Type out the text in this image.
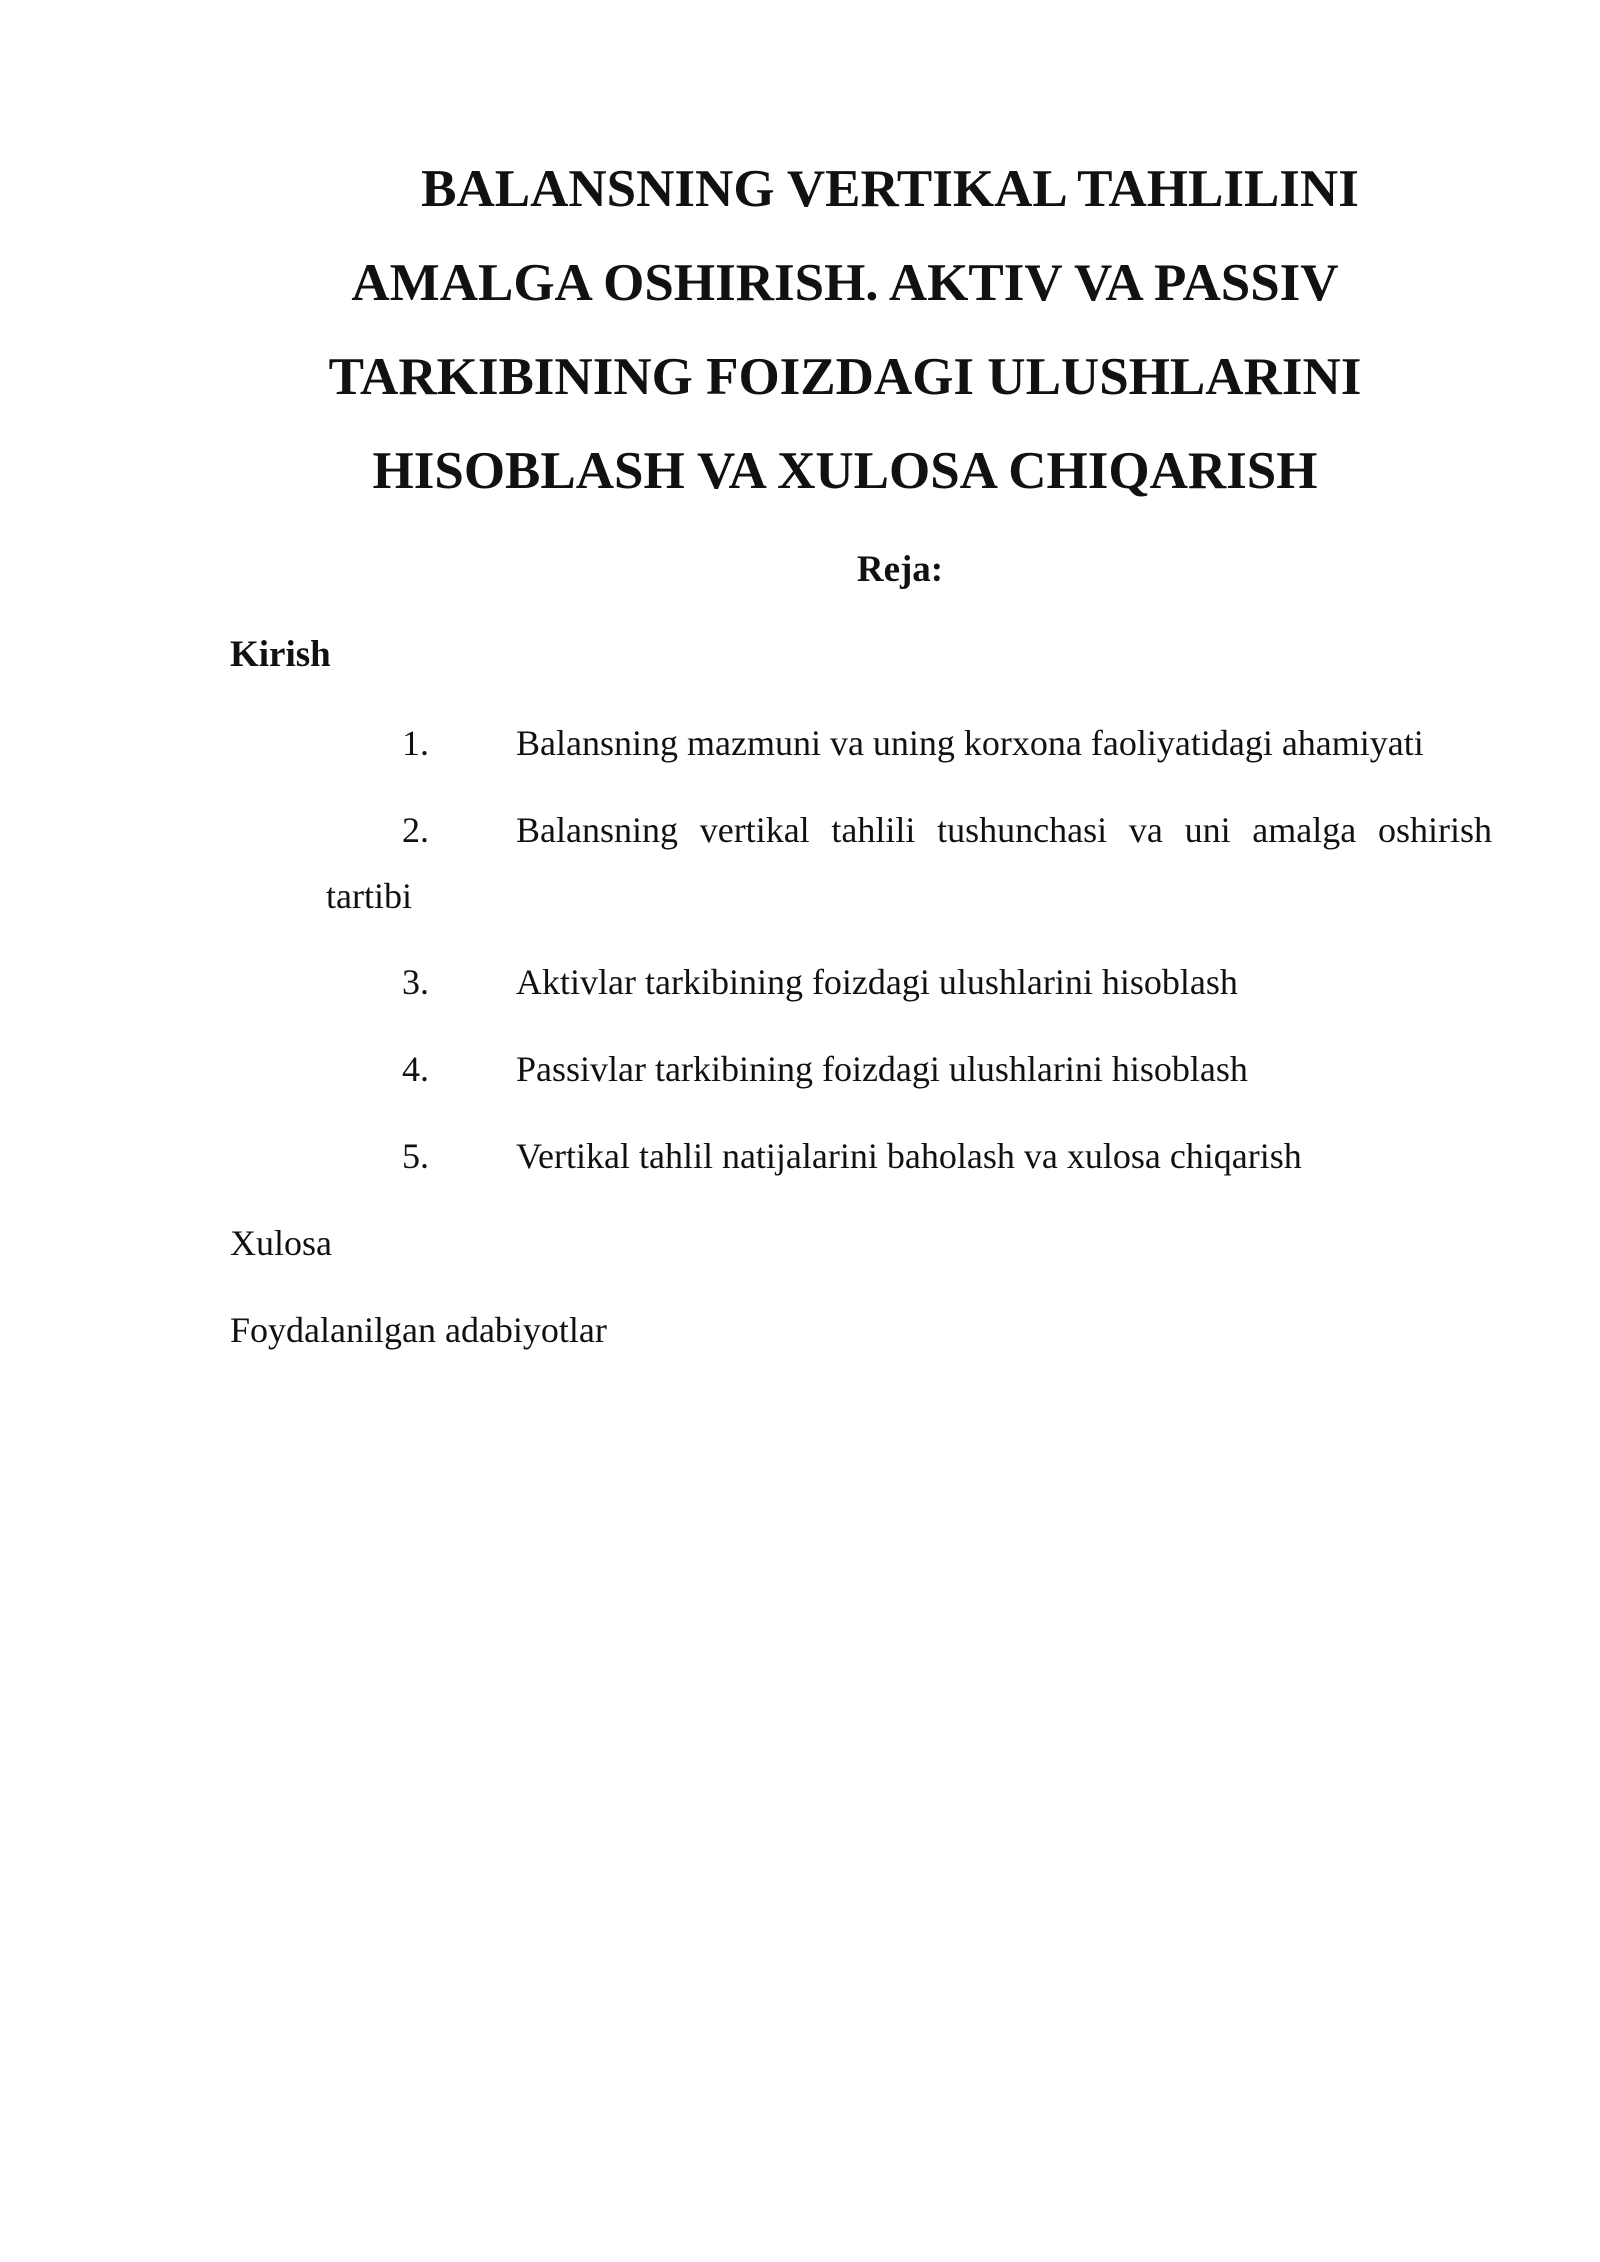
BALANSNING VERTIKAL TAHLILINI
AMALGA OSHIRISH. AKTIV VA PASSIV
TARKIBINING FOIZDAGI ULUSHLARINI
HISOBLASH VA XULOSA CHIQARISH
Reja:
Kirish
1. Balansning mazmuni va uning korxona faoliyatidagi ahamiyati
2. Balansning vertikal tahlili tushunchasi va uni amalga oshirish
tartibi
3. Aktivlar tarkibining foizdagi ulushlarini hisoblash
4. Passivlar tarkibining foizdagi ulushlarini hisoblash
5. Vertikal tahlil natijalarini baholash va xulosa chiqarish
Xulosa
Foydalanilgan adabiyotlar
